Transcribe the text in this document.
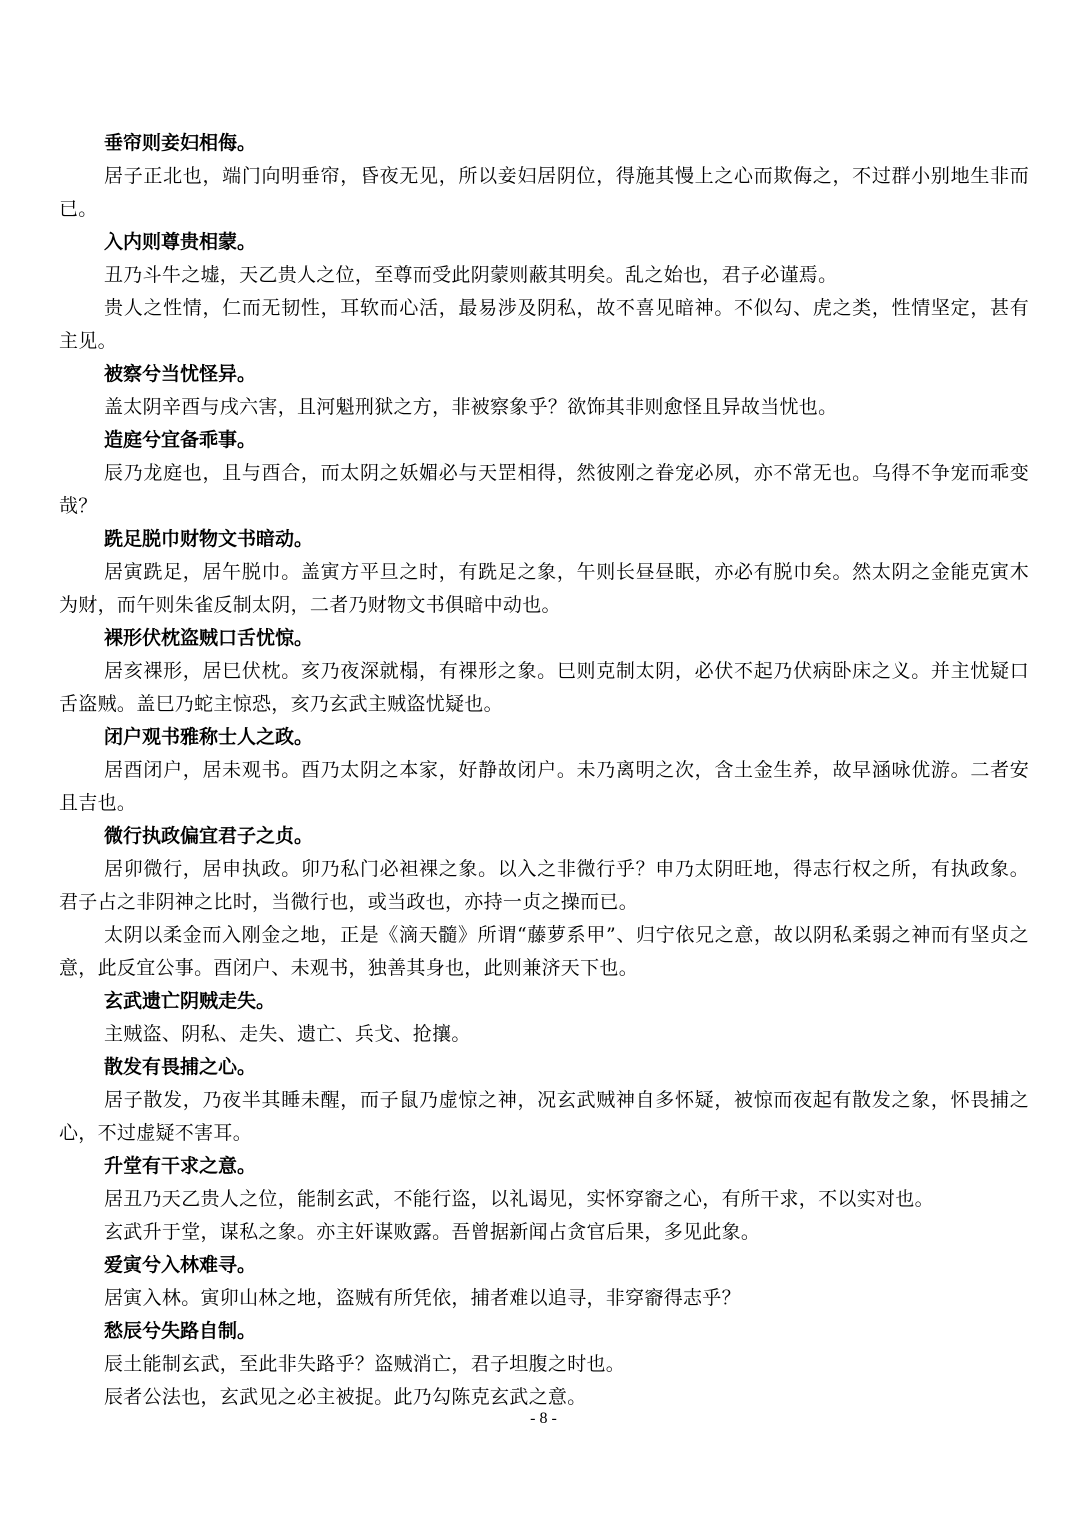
垂帘则妾妇相侮。

居子正北也，端门向明垂帘，昏夜无见，所以妾妇居阴位，得施其慢上之心而欺侮之，不过群小别地生非而已。

入内则尊贵相蒙。

丑乃斗牛之墟，天乙贵人之位，至尊而受此阴蒙则蔽其明矣。乱之始也，君子必谨焉。

贵人之性情，仁而无韧性，耳软而心活，最易涉及阴私，故不喜见暗神。不似勾、虎之类，性情坚定，甚有主见。

被察兮当忧怪异。

盖太阴辛酉与戌六害，且河魁刑狱之方，非被察象乎？欲饰其非则愈怪且异故当忧也。

造庭兮宜备乖事。

辰乃龙庭也，且与酉合，而太阴之妖媚必与天罡相得，然彼刚之眷宠必夙，亦不常无也。乌得不争宠而乖变哉？

跣足脱巾财物文书暗动。

居寅跣足，居午脱巾。盖寅方平旦之时，有跣足之象，午则长昼昼眠，亦必有脱巾矣。然太阴之金能克寅木为财，而午则朱雀反制太阴，二者乃财物文书俱暗中动也。

裸形伏枕盗贼口舌忧惊。

居亥裸形，居巳伏枕。亥乃夜深就榻，有裸形之象。巳则克制太阴，必伏不起乃伏病卧床之义。并主忧疑口舌盗贼。盖巳乃蛇主惊恐，亥乃玄武主贼盗忧疑也。

闭户观书雅称士人之政。

居酉闭户，居未观书。酉乃太阴之本家，好静故闭户。未乃离明之次，含土金生养，故早涵咏优游。二者安且吉也。

微行执政偏宜君子之贞。

居卯微行，居申执政。卯乃私门必袒裸之象。以入之非微行乎？申乃太阴旺地，得志行权之所，有执政象。君子占之非阴神之比时，当微行也，或当政也，亦持一贞之操而已。

太阴以柔金而入刚金之地，正是《滴天髓》所谓“藤萝系甲”、归宁依兄之意，故以阴私柔弱之神而有坚贞之意，此反宜公事。酉闭户、未观书，独善其身也，此则兼济天下也。

玄武遗亡阴贼走失。

主贼盗、阴私、走失、遗亡、兵戈、抢攘。

散发有畏捕之心。

居子散发，乃夜半其睡未醒，而子鼠乃虚惊之神，况玄武贼神自多怀疑，被惊而夜起有散发之象，怀畏捕之心，不过虚疑不害耳。

升堂有干求之意。

居丑乃天乙贵人之位，能制玄武，不能行盗，以礼谒见，实怀穿窬之心，有所干求，不以实对也。

玄武升于堂，谋私之象。亦主奸谋败露。吾曾据新闻占贪官后果，多见此象。

爱寅兮入林难寻。

居寅入林。寅卯山林之地，盗贼有所凭依，捕者难以追寻，非穿窬得志乎？

愁辰兮失路自制。

辰土能制玄武，至此非失路乎？盗贼消亡，君子坦腹之时也。

辰者公法也，玄武见之必主被捉。此乃勾陈克玄武之意。

- 8 -
